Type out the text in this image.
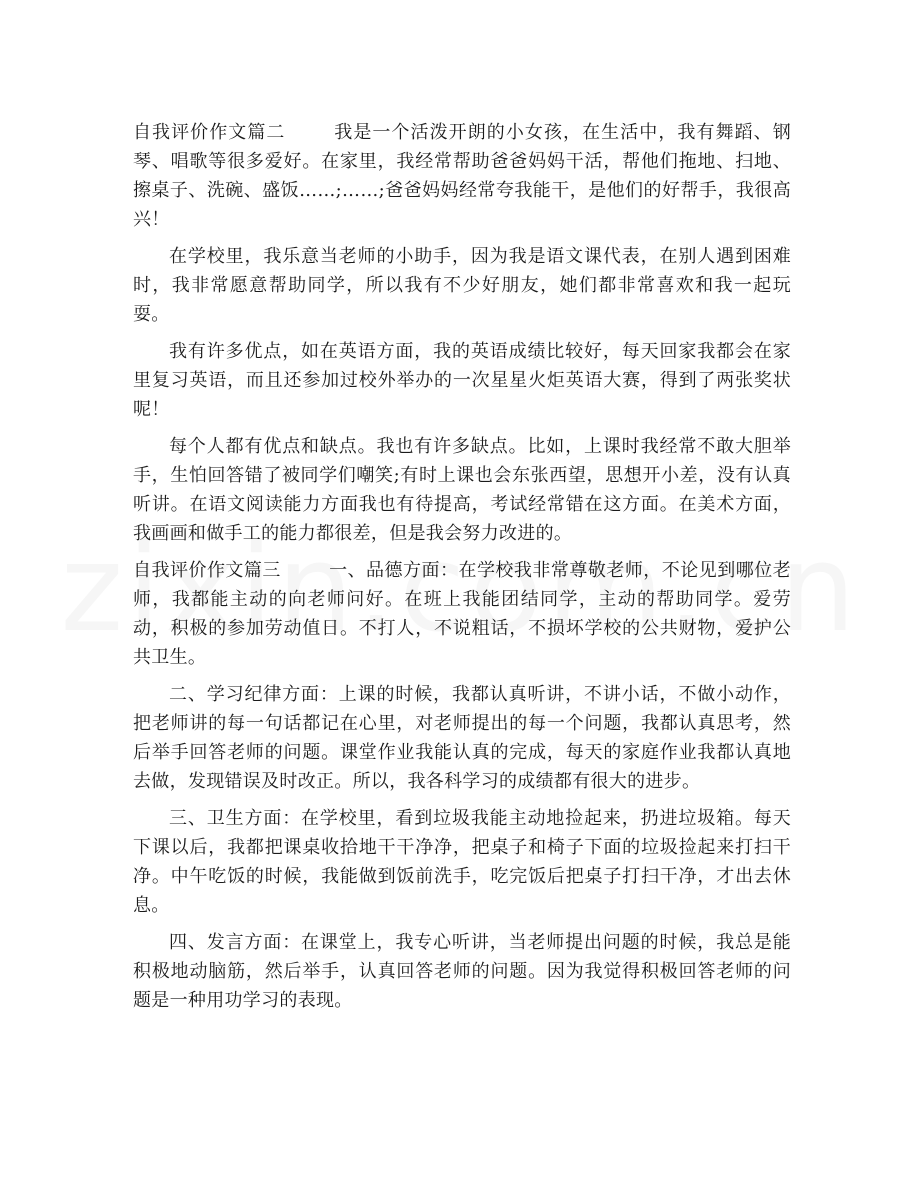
自我评价作文篇二	我是一个活泼开朗的小女孩，在生活中，我有舞蹈、钢琴、唱歌等很多爱好。在家里，我经常帮助爸爸妈妈干活，帮他们拖地、扫地、擦桌子、洗碗、盛饭……;……;爸爸妈妈经常夸我能干，是他们的好帮手，我很高兴！

在学校里，我乐意当老师的小助手，因为我是语文课代表，在别人遇到困难时，我非常愿意帮助同学，所以我有不少好朋友，她们都非常喜欢和我一起玩耍。

我有许多优点，如在英语方面，我的英语成绩比较好，每天回家我都会在家里复习英语，而且还参加过校外举办的一次星星火炬英语大赛，得到了两张奖状呢！

每个人都有优点和缺点。我也有许多缺点。比如，上课时我经常不敢大胆举手，生怕回答错了被同学们嘲笑;有时上课也会东张西望，思想开小差，没有认真听讲。在语文阅读能力方面我也有待提高，考试经常错在这方面。在美术方面，我画画和做手工的能力都很差，但是我会努力改进的。

自我评价作文篇三	一、品德方面：在学校我非常尊敬老师，不论见到哪位老师，我都能主动的向老师问好。在班上我能团结同学，主动的帮助同学。爱劳动，积极的参加劳动值日。不打人，不说粗话，不损坏学校的公共财物，爱护公共卫生。

二、学习纪律方面：上课的时候，我都认真听讲，不讲小话，不做小动作，把老师讲的每一句话都记在心里，对老师提出的每一个问题，我都认真思考，然后举手回答老师的问题。课堂作业我能认真的完成，每天的家庭作业我都认真地去做，发现错误及时改正。所以，我各科学习的成绩都有很大的进步。

三、卫生方面：在学校里，看到垃圾我能主动地捡起来，扔进垃圾箱。每天下课以后，我都把课桌收拾地干干净净，把桌子和椅子下面的垃圾捡起来打扫干净。中午吃饭的时候，我能做到饭前洗手，吃完饭后把桌子打扫干净，才出去休息。

四、发言方面：在课堂上，我专心听讲，当老师提出问题的时候，我总是能积极地动脑筋，然后举手，认真回答老师的问题。因为我觉得积极回答老师的问题是一种用功学习的表现。
